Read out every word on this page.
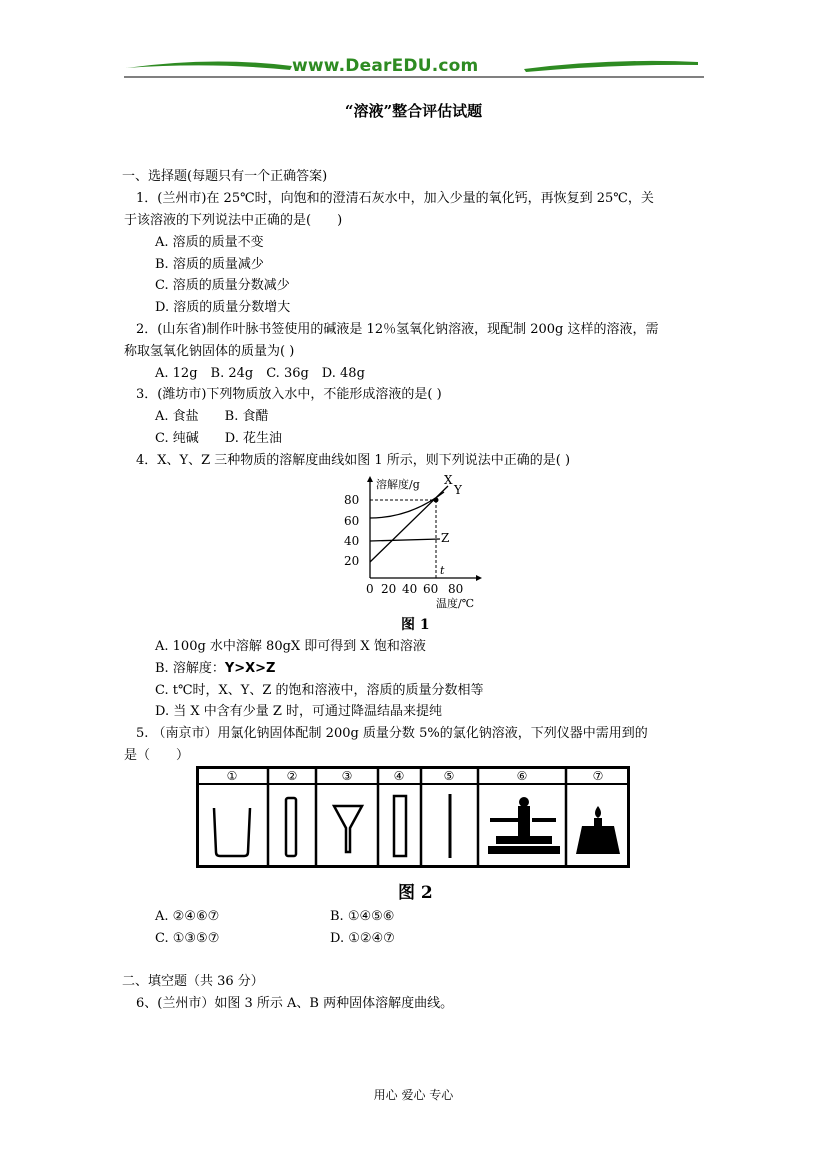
www.DearEDU.com
“溶液”整合评估试题
一、选择题(每题只有一个正确答案)
1．(兰州市)在 25℃时，向饱和的澄清石灰水中，加入少量的氧化钙，再恢复到 25℃，关
于该溶液的下列说法中正确的是(　　)
A. 溶质的质量不变
B. 溶质的质量减少
C. 溶质的质量分数减少
D. 溶质的质量分数增大
2．(山东省)制作叶脉书签使用的碱液是 12％氢氧化钠溶液，现配制 200g 这样的溶液，需
称取氢氧化钠固体的质量为( )
A. 12g　B. 24g　C. 36g　D. 48g
3．(潍坊市)下列物质放入水中，不能形成溶液的是( )
A. 食盐　　B. 食醋
C. 纯碱　　D. 花生油
4．X、Y、Z 三种物质的溶解度曲线如图 1 所示，则下列说法中正确的是( )
溶解度/g X
Y
Z
t
80
60
40
20
0 20 40 60 80
温度/℃
图 1
A. 100g 水中溶解 80gX 即可得到 X 饱和溶液
B. 溶解度：Y>X>Z
C. t℃时，X、Y、Z 的饱和溶液中，溶质的质量分数相等
D. 当 X 中含有少量 Z 时，可通过降温结晶来提纯
5. （南京市）用氯化钠固体配制 200g 质量分数 5%的氯化钠溶液，下列仪器中需用到的
是（　　）
①	②	③	④	⑤	⑥	⑦
图 2
A. ②④⑥⑦	B. ①④⑤⑥
C. ①③⑤⑦	D. ①②④⑦
二、填空题（共 36 分）
6、(兰州市）如图 3 所示 A、B 两种固体溶解度曲线。
用心 爱心 专心
